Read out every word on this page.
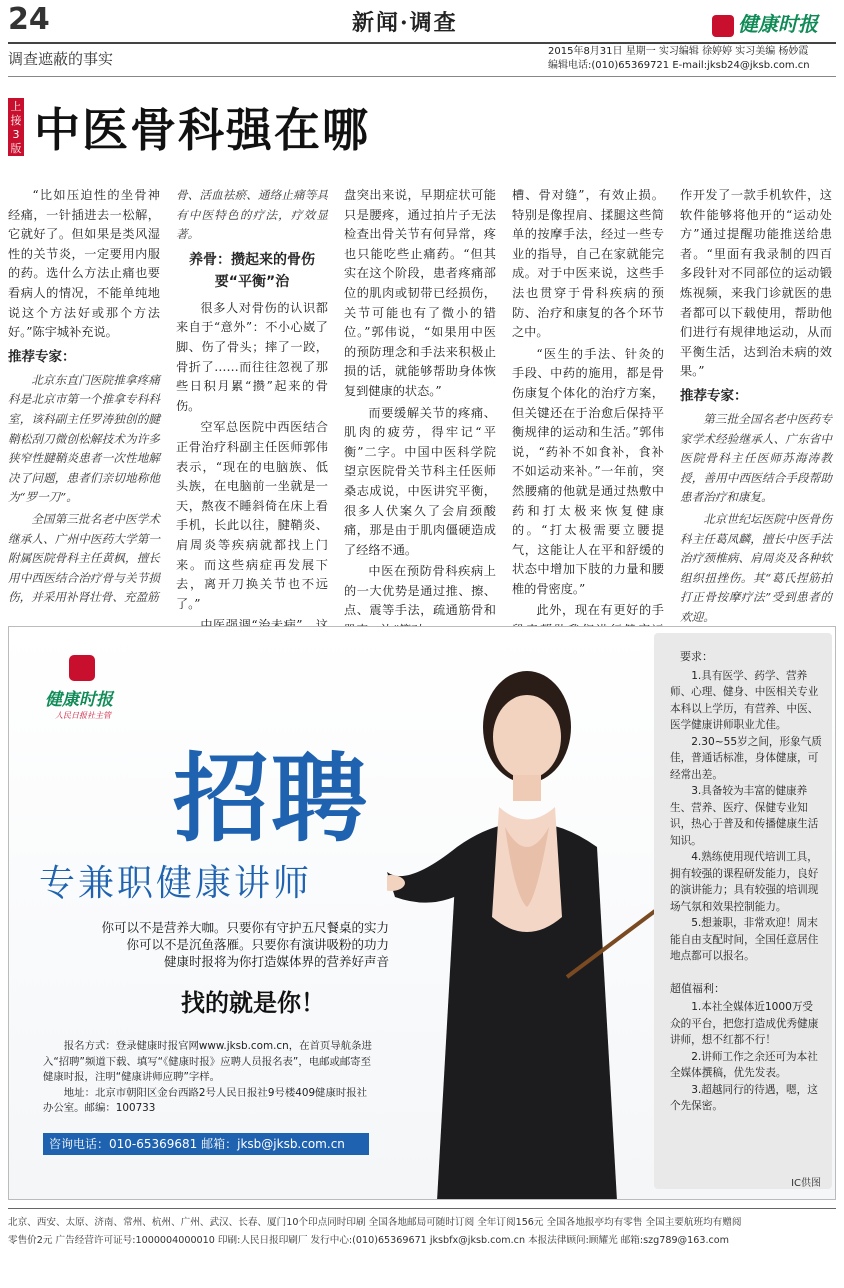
24	新闻·调查	健康时报
调查遮蔽的事实	2015年8月31日 星期一 实习编辑 徐婷婷 实习美编 杨妙霞
编辑电话:(010)65369721 E-mail:jksb24@jksb.com.cn
上接3版 中医骨科强在哪

“比如压迫性的坐骨神经痛，一针插进去一松解，它就好了。但如果是类风湿性的关节炎，一定要用内服的药。选什么方法止痛也要看病人的情况，不能单纯地说这个方法好或那个方法好。”陈宇城补充说。

推荐专家：

北京东直门医院推拿疼痛科是北京市第一个推拿专科科室，该科副主任罗涛独创的腱鞘松刮刀微创松解技术为许多狭窄性腱鞘炎患者一次性地解决了问题，患者们亲切地称他为“罗一刀”。

全国第三批名老中医学术继承人、广州中医药大学第一附属医院骨科主任黄枫，擅长用中西医结合治疗骨与关节损伤，并采用补肾壮骨、充盈筋

骨、活血祛瘀、通络止痛等具有中医特色的疗法，疗效显著。

养骨：攒起来的骨伤要“平衡”治

很多人对骨伤的认识都来自于“意外”：不小心崴了脚、伤了骨头；摔了一跤，骨折了……而往往忽视了那些日积月累“攒”起来的骨伤。

空军总医院中西医结合正骨治疗科副主任医师郭伟表示，“现在的电脑族、低头族，在电脑前一坐就是一天，熬夜不睡斜倚在床上看手机，长此以往，腱鞘炎、肩周炎等疾病就都找上门来。而这些病症再发展下去，离开刀换关节也不远了。”

盘突出来说，早期症状可能只是腰疼，通过拍片子无法检查出骨关节有何异常，疼也只能吃些止痛药。“但其实在这个阶段，患者疼痛部位的肌肉或韧带已经损伤，关节可能也有了微小的错位。”郭伟说，“如果用中医的预防理念和手法来积极止损的话，就能够帮助身体恢复到健康的状态。”

而要缓解关节的疼痛、肌肉的疲劳，得牢记“平衡”二字。中国中医科学院望京医院骨关节科主任医师桑志成说，中医讲究平衡，很多人伏案久了会肩颈酸痛，那是由于肌肉僵硬造成了经络不通。

中医在预防骨科疾病上的一大优势是通过推、擦、点、震等手法，疏通筋骨和

槽、骨对缝”，有效止损。特别是像捏肩、揉腿这些简单的按摩手法，经过一些专业的指导，自己在家就能完成。对于中医来说，这些手法也贯穿于骨科疾病的预防、治疗和康复的各个环节之中。

“医生的手法、针灸的手段、中药的施用，都是骨伤康复个体化的治疗方案，但关键还在于治愈后保持平衡规律的运动和生活。”郭伟说，“药补不如食补，食补不如运动来补。”一年前，突然腰痛的他就是通过热敷中药和打太极来恢复健康的。“打太极需要立腰提气，这能让人在平和舒缓的状态中增加下肢的力量和腰椎的骨密度。”

此外，现在有更好的手

作开发了一款手机软件，这软件能够将他开的“运动处方”通过提醒功能推送给患者。“里面有我录制的四百多段针对不同部位的运动锻炼视频，来我门诊就医的患者都可以下载使用，帮助他们进行有规律地运动，从而平衡生活，达到治未病的效果。”

推荐专家：

第三批全国名老中医药专家学术经验继承人、广东省中医院骨科主任医师苏海涛教授，善用中西医结合手段帮助患者治疗和康复。

北京世纪坛医院中医骨伤科主任葛凤麟，擅长中医手法治疗颈椎病、肩周炎及各种软组织扭挫伤。其“葛氏捏筋拍打正骨按摩疗法”受到患者的欢迎。

健康时报
人民日报社主管
招聘
专兼职健康讲师
你可以不是营养大咖。只要你有守护五尺餐桌的实力
你可以不是沉鱼落雁。只要你有演讲吸粉的功力
健康时报将为你打造媒体界的营养好声音
找的就是你！

报名方式：登录健康时报官网www.jksb.com.cn，在首页导航条进入“招聘”频道下载、填写“《健康时报》应聘人员报名表”，电邮或邮寄至健康时报，注明“健康讲师应聘”字样。

地址：北京市朝阳区金台西路2号人民日报社9号楼409健康时报社办公室。邮编：100733

咨询电话：010-65369681 邮箱：jksb@jksb.com.cn
要求：

1.具有医学、药学、营养师、心理、健身、中医相关专业本科以上学历，有营养、中医、医学健康讲师职业尤佳。

2.30~55岁之间，形象气质佳，普通话标准，身体健康，可经常出差。

3.具备较为丰富的健康养生、营养、医疗、保健专业知识，热心于普及和传播健康生活知识。

4.熟练使用现代培训工具，拥有较强的课程研发能力，良好的演讲能力；具有较强的培训现场气氛和效果控制能力。

5.想兼职，非常欢迎！周末能自由支配时间，全国任意居住地点都可以报名。

超值福利：

1.本社全媒体近1000万受众的平台，把您打造成优秀健康讲师，想不红都不行！

2.讲师工作之余还可为本社全媒体撰稿，优先发表。

3.超越同行的待遇，嗯，这个先保密。

IC供图
北京、西安、太原、济南、常州、杭州、广州、武汉、长春、厦门10个印点同时印刷 全国各地邮局可随时订阅 全年订阅156元 全国各地报亭均有零售 全国主要航班均有赠阅
零售价2元 广告经营许可证号:1000004000010 印刷:人民日报印刷厂 发行中心:(010)65369671 jksbfx@jksb.com.cn 本报法律顾问:顾耀光 邮箱:szg789@163.com
